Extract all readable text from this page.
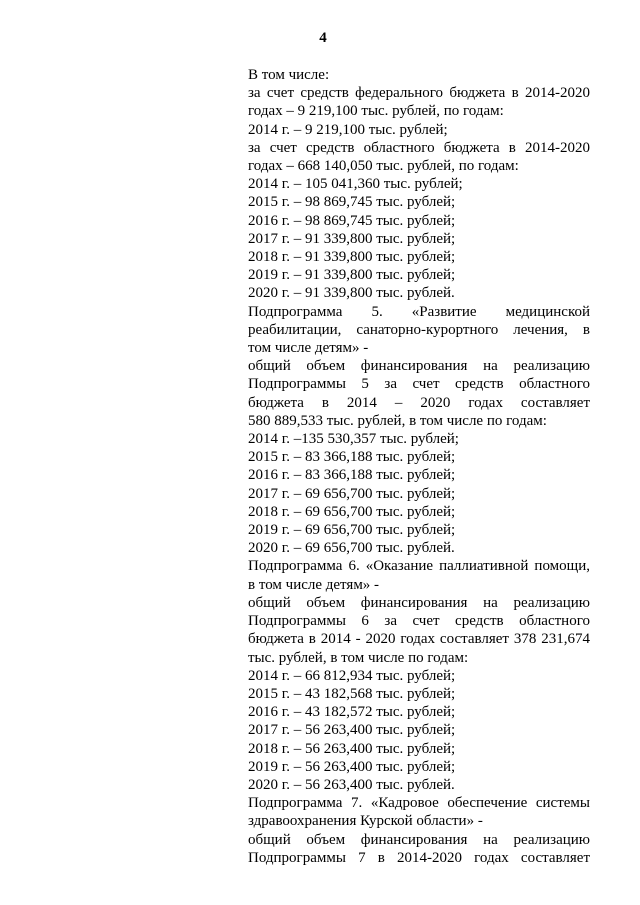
4
В том числе:
за счет средств федерального бюджета в 2014-2020
годах – 9 219,100 тыс. рублей, по годам:
2014 г. – 9 219,100 тыс. рублей;
за счет средств областного бюджета в 2014-2020
годах – 668 140,050 тыс. рублей, по годам:
2014 г. – 105 041,360 тыс. рублей;
2015 г. – 98 869,745 тыс. рублей;
2016 г. – 98 869,745 тыс. рублей;
2017 г. – 91 339,800 тыс. рублей;
2018 г. – 91 339,800 тыс. рублей;
2019 г. – 91 339,800 тыс. рублей;
2020 г. – 91 339,800 тыс. рублей.
Подпрограмма 5. «Развитие медицинской
реабилитации, санаторно-курортного лечения, в
том числе детям» -
общий объем финансирования на реализацию
Подпрограммы 5 за счет средств областного
бюджета в 2014 – 2020 годах составляет
580 889,533 тыс. рублей, в том числе по годам:
2014 г. –135 530,357 тыс. рублей;
2015 г. – 83 366,188 тыс. рублей;
2016 г. – 83 366,188 тыс. рублей;
2017 г. – 69 656,700 тыс. рублей;
2018 г. – 69 656,700 тыс. рублей;
2019 г. – 69 656,700 тыс. рублей;
2020 г. – 69 656,700 тыс. рублей.
Подпрограмма 6. «Оказание паллиативной помощи,
в том числе детям» -
общий объем финансирования на реализацию
Подпрограммы 6 за счет средств областного
бюджета в 2014 - 2020 годах составляет 378 231,674
тыс. рублей, в том числе по годам:
2014 г. – 66 812,934 тыс. рублей;
2015 г. – 43 182,568 тыс. рублей;
2016 г. – 43 182,572 тыс. рублей;
2017 г. – 56 263,400 тыс. рублей;
2018 г. – 56 263,400 тыс. рублей;
2019 г. – 56 263,400 тыс. рублей;
2020 г. – 56 263,400 тыс. рублей.
Подпрограмма 7. «Кадровое обеспечение системы
здравоохранения Курской области» -
общий объем финансирования на реализацию
Подпрограммы 7 в 2014-2020 годах составляет
